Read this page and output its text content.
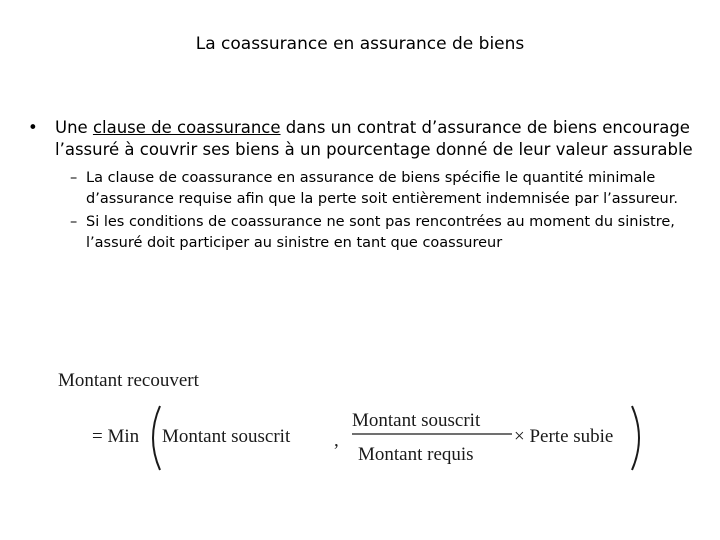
La coassurance en assurance de biens
•	Une clause de coassurance dans un contrat d’assurance de biens encourage l’assuré à couvrir ses biens à un pourcentage donné de leur valeur assurable
– La clause de coassurance en assurance de biens spécifie le quantité minimale d’assurance requise afin que la perte soit entièrement indemnisée par l’assureur.
– Si les conditions de coassurance ne sont pas rencontrées au moment du sinistre, l’assuré doit participer au sinistre en tant que coassureur
Montant recouvert
= Min Montant souscrit ,
Montant souscrit
Montant requis
× Perte subie
